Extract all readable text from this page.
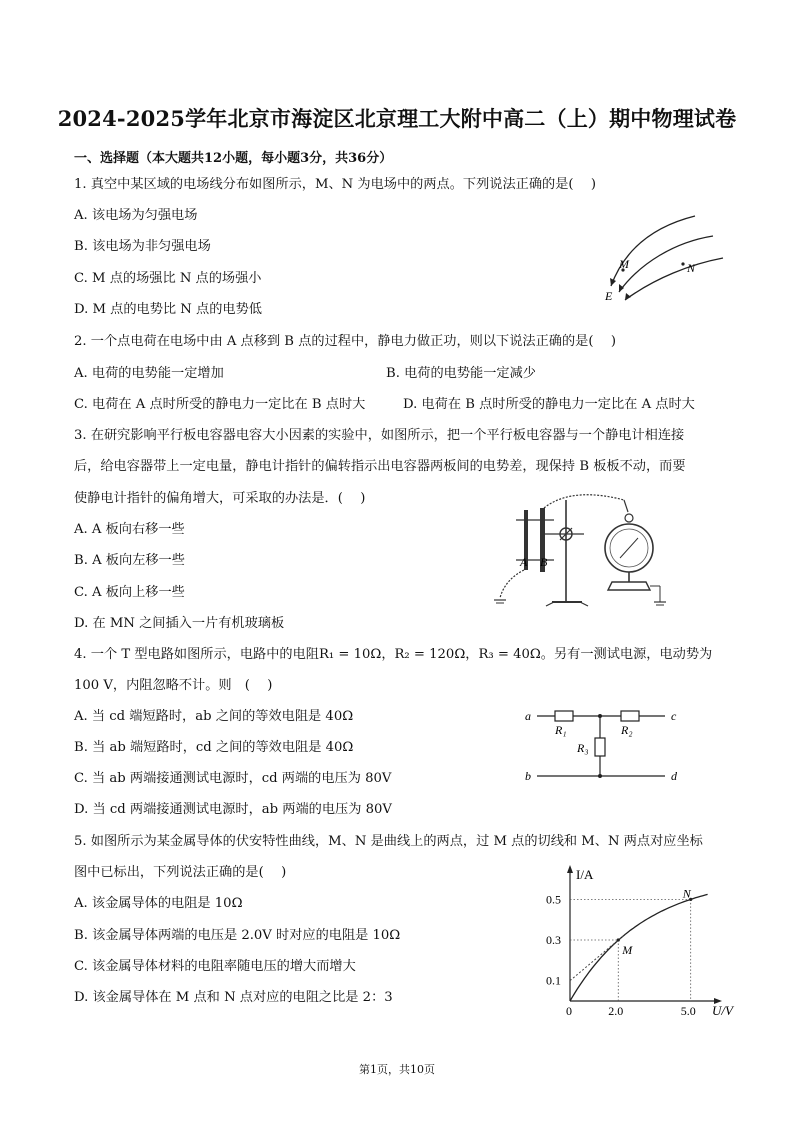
2024-2025学年北京市海淀区北京理工大附中高二（上）期中物理试卷
一、选择题（本大题共12小题，每小题3分，共36分）
1. 真空中某区域的电场线分布如图所示，M、N 为电场中的两点。下列说法正确的是(　 )
A. 该电场为匀强电场
B. 该电场为非匀强电场
C. M 点的场强比 N 点的场强小
D. M 点的电势比 N 点的电势低
M	N
E
2. 一个点电荷在电场中由 A 点移到 B 点的过程中，静电力做正功，则以下说法正确的是(　 )
A. 电荷的电势能一定增加	B. 电荷的电势能一定减少
C. 电荷在 A 点时所受的静电力一定比在 B 点时大	D. 电荷在 B 点时所受的静电力一定比在 A 点时大
3. 在研究影响平行板电容器电容大小因素的实验中，如图所示，把一个平行板电容器与一个静电计相连接
后，给电容器带上一定电量，静电计指针的偏转指示出电容器两板间的电势差，现保持 B 板板不动，而要
使静电计指针的偏角增大，可采取的办法是．(　 )
A. A 板向右移一些
B. A 板向左移一些
C. A 板向上移一些
D. 在 MN 之间插入一片有机玻璃板
A B
4. 一个 T 型电路如图所示，电路中的电阻R₁ = 10Ω，R₂ = 120Ω，R₃ = 40Ω。另有一测试电源，电动势为
100 V，内阻忽略不计。则　(　 )
A. 当 cd 端短路时，ab 之间的等效电阻是 40Ω
B. 当 ab 端短路时，cd 之间的等效电阻是 40Ω
C. 当 ab 两端接通测试电源时，cd 两端的电压为 80V
D. 当 cd 两端接通测试电源时，ab 两端的电压为 80V
a	c
b	d
R₁	R₂
R₃
5. 如图所示为某金属导体的伏安特性曲线，M、N 是曲线上的两点，过 M 点的切线和 M、N 两点对应坐标
图中已标出，下列说法正确的是(　 )
A. 该金属导体的电阻是 10Ω
B. 该金属导体两端的电压是 2.0V 时对应的电阻是 10Ω
C. 该金属导体材料的电阻率随电压的增大而增大
D. 该金属导体在 M 点和 N 点对应的电阻之比是 2：3
0	2.0	5.0
0.1
0.3
0.5
M
N
U/V
I/A
第1页，共10页
